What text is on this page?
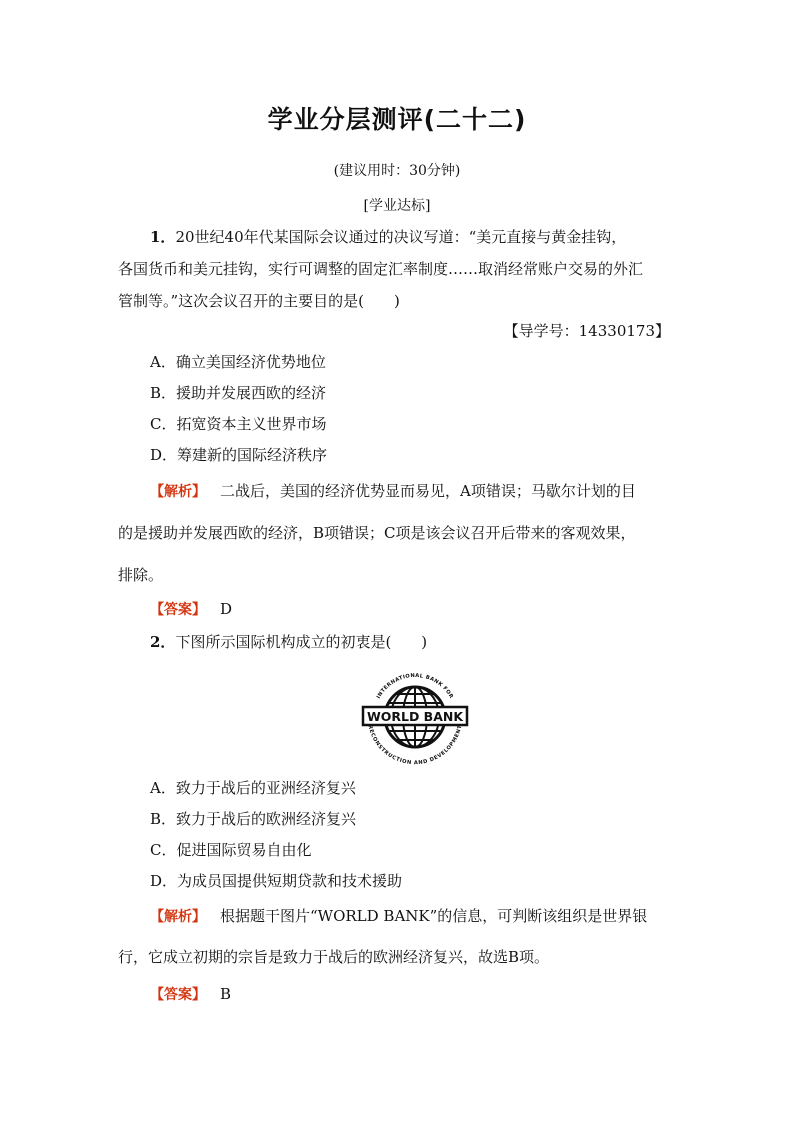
学业分层测评(二十二)
(建议用时：30分钟)
[学业达标]
1．20世纪40年代某国际会议通过的决议写道：“美元直接与黄金挂钩，
各国货币和美元挂钩，实行可调整的固定汇率制度……取消经常账户交易的外汇
管制等。”这次会议召开的主要目的是(　　)
【导学号：14330173】
A．确立美国经济优势地位
B．援助并发展西欧的经济
C．拓宽资本主义世界市场
D．筹建新的国际经济秩序
【解析】 二战后，美国的经济优势显而易见，A项错误；马歇尔计划的目
的是援助并发展西欧的经济，B项错误；C项是该会议召开后带来的客观效果，
排除。
【答案】 D
2．下图所示国际机构成立的初衷是(　　)
INTERNATIONAL BANK FOR
RECONSTRUCTION AND DEVELOPMENT
WORLD BANK
A．致力于战后的亚洲经济复兴
B．致力于战后的欧洲经济复兴
C．促进国际贸易自由化
D．为成员国提供短期贷款和技术援助
【解析】 根据题干图片“WORLD BANK”的信息，可判断该组织是世界银
行，它成立初期的宗旨是致力于战后的欧洲经济复兴，故选B项。
【答案】 B
